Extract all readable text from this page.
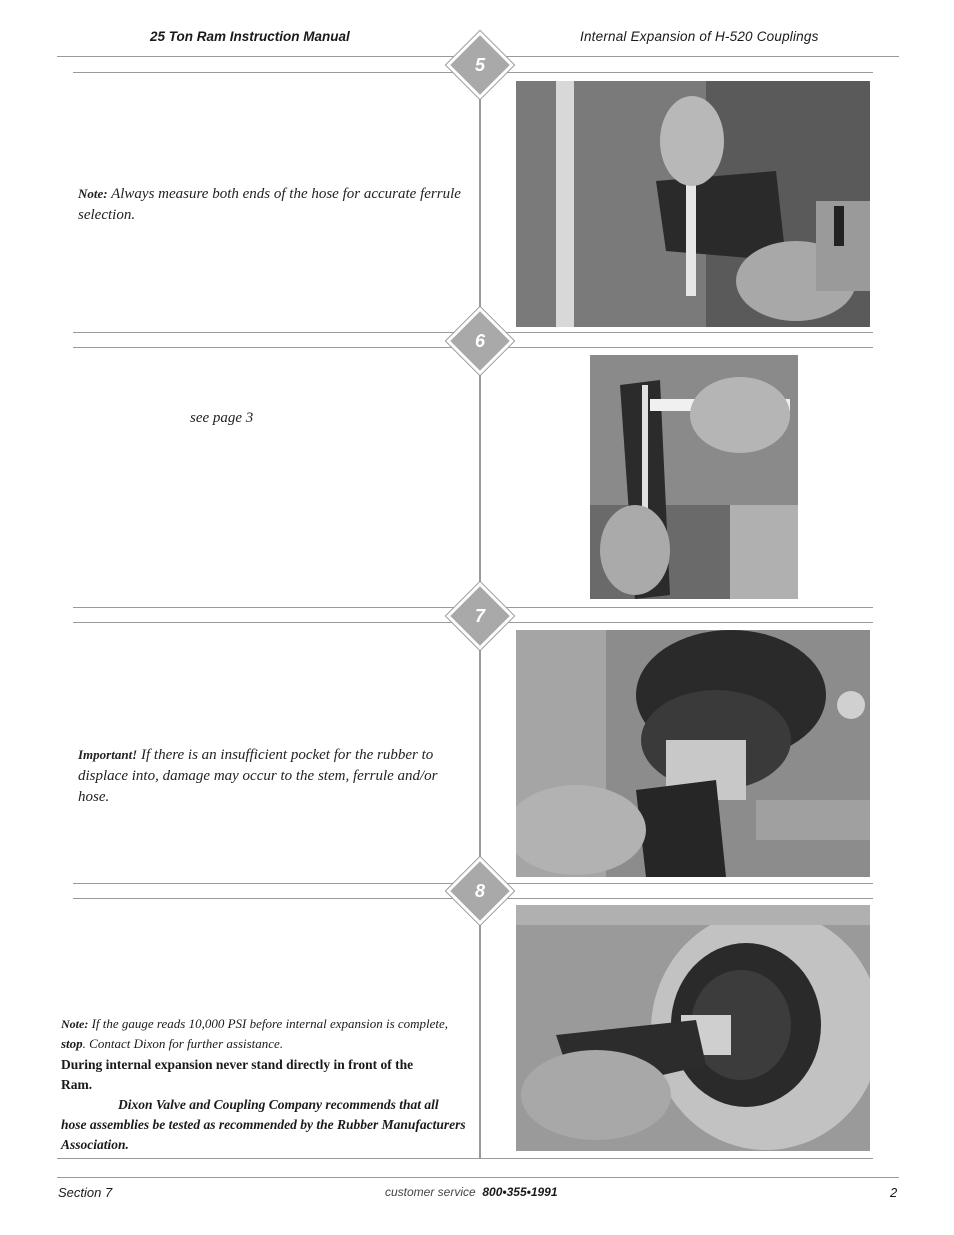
25 Ton Ram Instruction Manual	Internal Expansion of H-520 Couplings
5
6
7
8
Note: Always measure both ends of the hose for accurate ferrule selection.
see page 3
Important! If there is an insufficient pocket for the rubber to displace into, damage may occur to the stem, ferrule and/or hose.
Note: If the gauge reads 10,000 PSI before internal expansion is complete, stop. Contact Dixon for further assistance.
During internal expansion never stand directly in front of the Ram.
Dixon Valve and Coupling Company recommends that all
hose assemblies be tested as recommended by the Rubber Manufacturers Association.
Section 7	customer service 800•355•1991	2
